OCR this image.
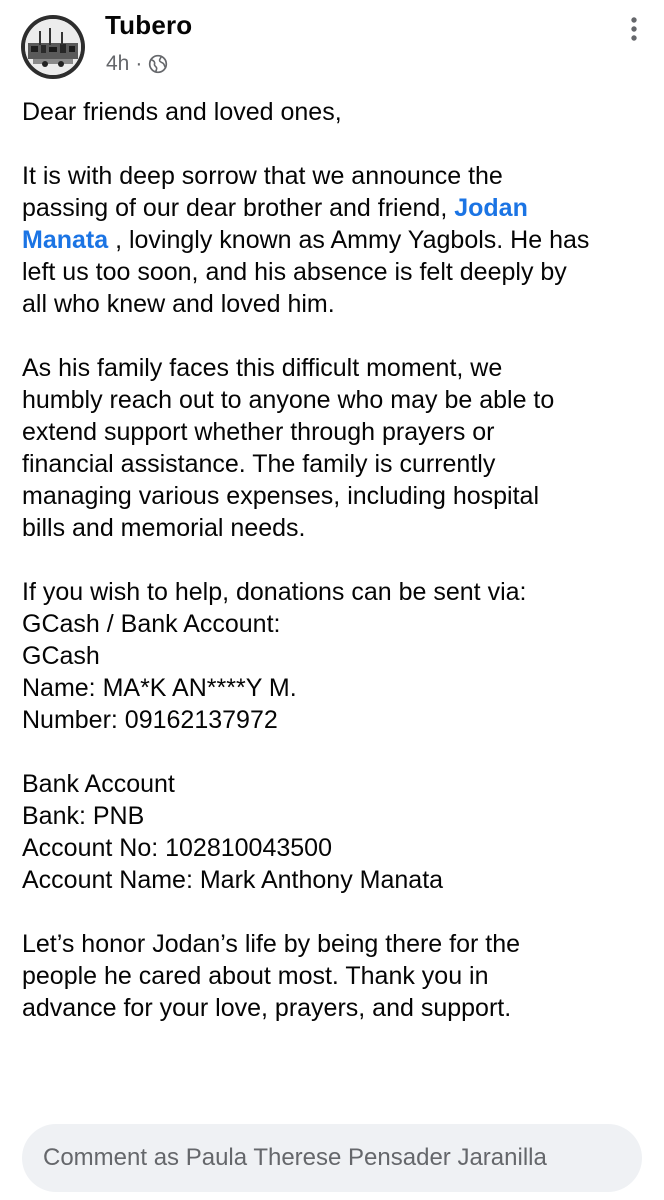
Tubero
4h ·
Dear friends and loved ones,
It is with deep sorrow that we announce the
passing of our dear brother and friend, Jodan
Manata , lovingly known as Ammy Yagbols. He has
left us too soon, and his absence is felt deeply by
all who knew and loved him.
As his family faces this difficult moment, we
humbly reach out to anyone who may be able to
extend support whether through prayers or
financial assistance. The family is currently
managing various expenses, including hospital
bills and memorial needs.
If you wish to help, donations can be sent via:
GCash / Bank Account:
GCash
Name: MA*K AN****Y M.
Number: 09162137972
Bank Account
Bank: PNB
Account No: 102810043500
Account Name: Mark Anthony Manata
Let’s honor Jodan’s life by being there for the
people he cared about most. Thank you in
advance for your love, prayers, and support.
Comment as Paula Therese Pensader Jaranilla
